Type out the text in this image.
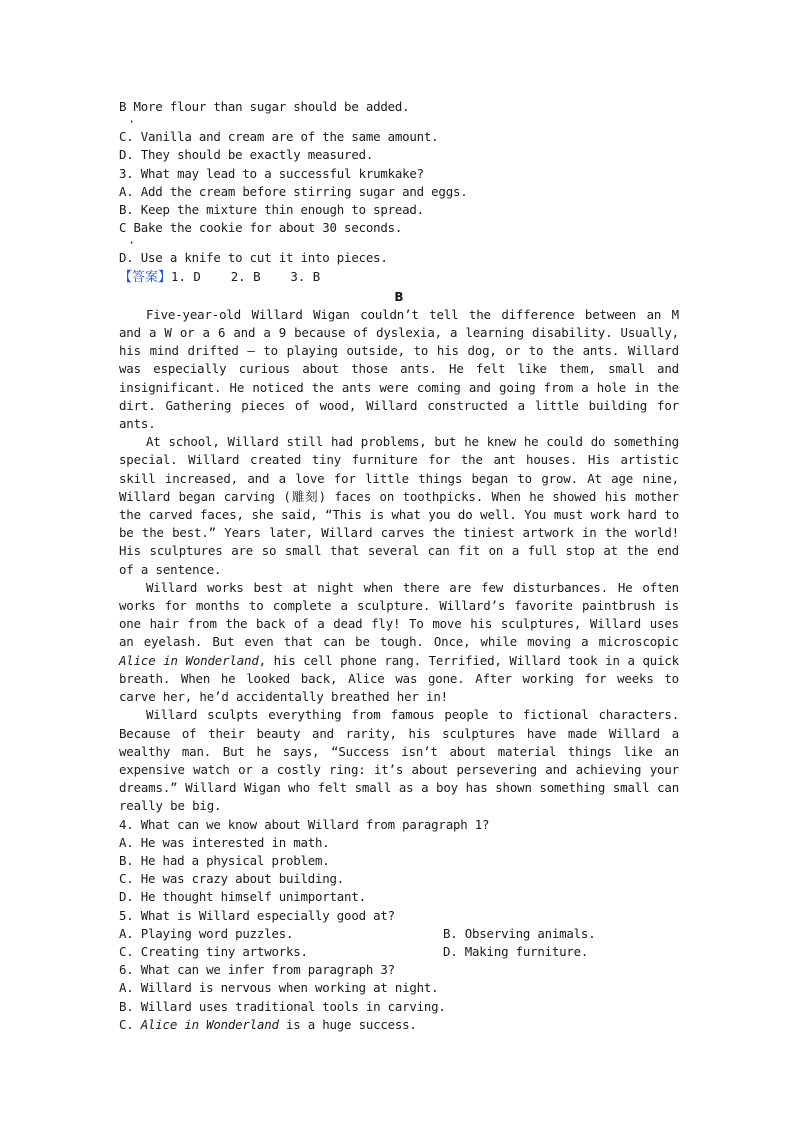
B More flour than sugar should be added.

·

C. Vanilla and cream are of the same amount.

D. They should be exactly measured.

3. What may lead to a successful krumkake?

A. Add the cream before stirring sugar and eggs.

B. Keep the mixture thin enough to spread.

C Bake the cookie for about 30 seconds.

·

D. Use a knife to cut it into pieces.

【答案】1. D    2. B    3. B

B

Five-year-old Willard Wigan couldn’t tell the difference between an M and a W or a 6 and a 9 because of dyslexia, a learning disability. Usually, his mind drifted — to playing outside, to his dog, or to the ants. Willard was especially curious about those ants. He felt like them, small and insignificant. He noticed the ants were coming and going from a hole in the dirt. Gathering pieces of wood, Willard constructed a little building for ants.

At school, Willard still had problems, but he knew he could do something special. Willard created tiny furniture for the ant houses. His artistic skill increased, and a love for little things began to grow. At age nine, Willard began carving (雕刻) faces on toothpicks. When he showed his mother the carved faces, she said, “This is what you do well. You must work hard to be the best.” Years later, Willard carves the tiniest artwork in the world! His sculptures are so small that several can fit on a full stop at the end of a sentence.

Willard works best at night when there are few disturbances. He often works for months to complete a sculpture. Willard’s favorite paintbrush is one hair from the back of a dead fly! To move his sculptures, Willard uses an eyelash. But even that can be tough. Once, while moving a microscopic Alice in Wonderland, his cell phone rang. Terrified, Willard took in a quick breath. When he looked back, Alice was gone. After working for weeks to carve her, he’d accidentally breathed her in!

Willard sculpts everything from famous people to fictional characters. Because of their beauty and rarity, his sculptures have made Willard a wealthy man. But he says, “Success isn’t about material things like an expensive watch or a costly ring: it’s about persevering and achieving your dreams.” Willard Wigan who felt small as a boy has shown something small can really be big.

4. What can we know about Willard from paragraph 1?

A. He was interested in math.

B. He had a physical problem.

C. He was crazy about building.

D. He thought himself unimportant.

5. What is Willard especially good at?

A. Playing word puzzles.	B. Observing animals.
C. Creating tiny artworks.	D. Making furniture.

6. What can we infer from paragraph 3?

A. Willard is nervous when working at night.

B. Willard uses traditional tools in carving.

C. Alice in Wonderland is a huge success.
